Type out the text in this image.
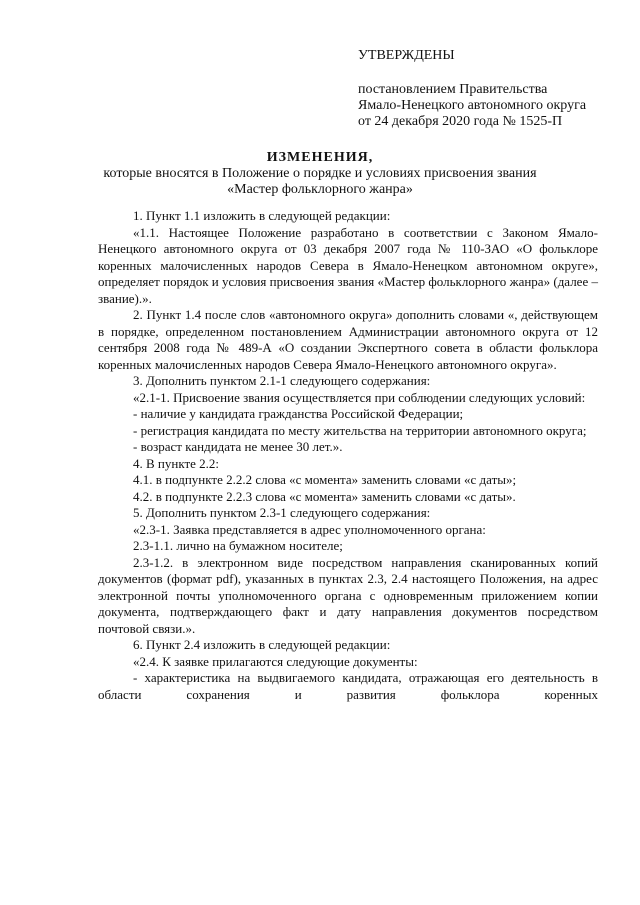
УТВЕРЖДЕНЫ
постановлением Правительства
Ямало-Ненецкого автономного округа
от 24 декабря 2020 года № 1525-П
ИЗМЕНЕНИЯ,
которые вносятся в Положение о порядке и условиях присвоения звания
«Мастер фольклорного жанра»

1. Пункт 1.1 изложить в следующей редакции:

«1.1. Настоящее Положение разработано в соответствии с Законом Ямало-Ненецкого автономного округа от 03 декабря 2007 года № 110-ЗАО «О фольклоре коренных малочисленных народов Севера в Ямало-Ненецком автономном округе», определяет порядок и условия присвоения звания «Мастер фольклорного жанра» (далее – звание).».

2. Пункт 1.4 после слов «автономного округа» дополнить словами «, действующем в порядке, определенном постановлением Администрации автономного округа от 12 сентября 2008 года № 489-А «О создании Экспертного совета в области фольклора коренных малочисленных народов Севера Ямало-Ненецкого автономного округа».

3. Дополнить пунктом 2.1-1 следующего содержания:

«2.1-1. Присвоение звания осуществляется при соблюдении следующих условий:

- наличие у кандидата гражданства Российской Федерации;

- регистрация кандидата по месту жительства на территории автономного округа;

- возраст кандидата не менее 30 лет.».

4. В пункте 2.2:

4.1. в подпункте 2.2.2 слова «с момента» заменить словами «с даты»;

4.2. в подпункте 2.2.3 слова «с момента» заменить словами «с даты».

5. Дополнить пунктом 2.3-1 следующего содержания:

«2.3-1. Заявка представляется в адрес уполномоченного органа:

2.3-1.1. лично на бумажном носителе;

2.3-1.2. в электронном виде посредством направления сканированных копий документов (формат pdf), указанных в пунктах 2.3, 2.4 настоящего Положения, на адрес электронной почты уполномоченного органа с одновременным приложением копии документа, подтверждающего факт и дату направления документов посредством почтовой связи.».

6. Пункт 2.4 изложить в следующей редакции:

«2.4. К заявке прилагаются следующие документы:

- характеристика на выдвигаемого кандидата, отражающая его деятельность в области сохранения и развития фольклора коренных
